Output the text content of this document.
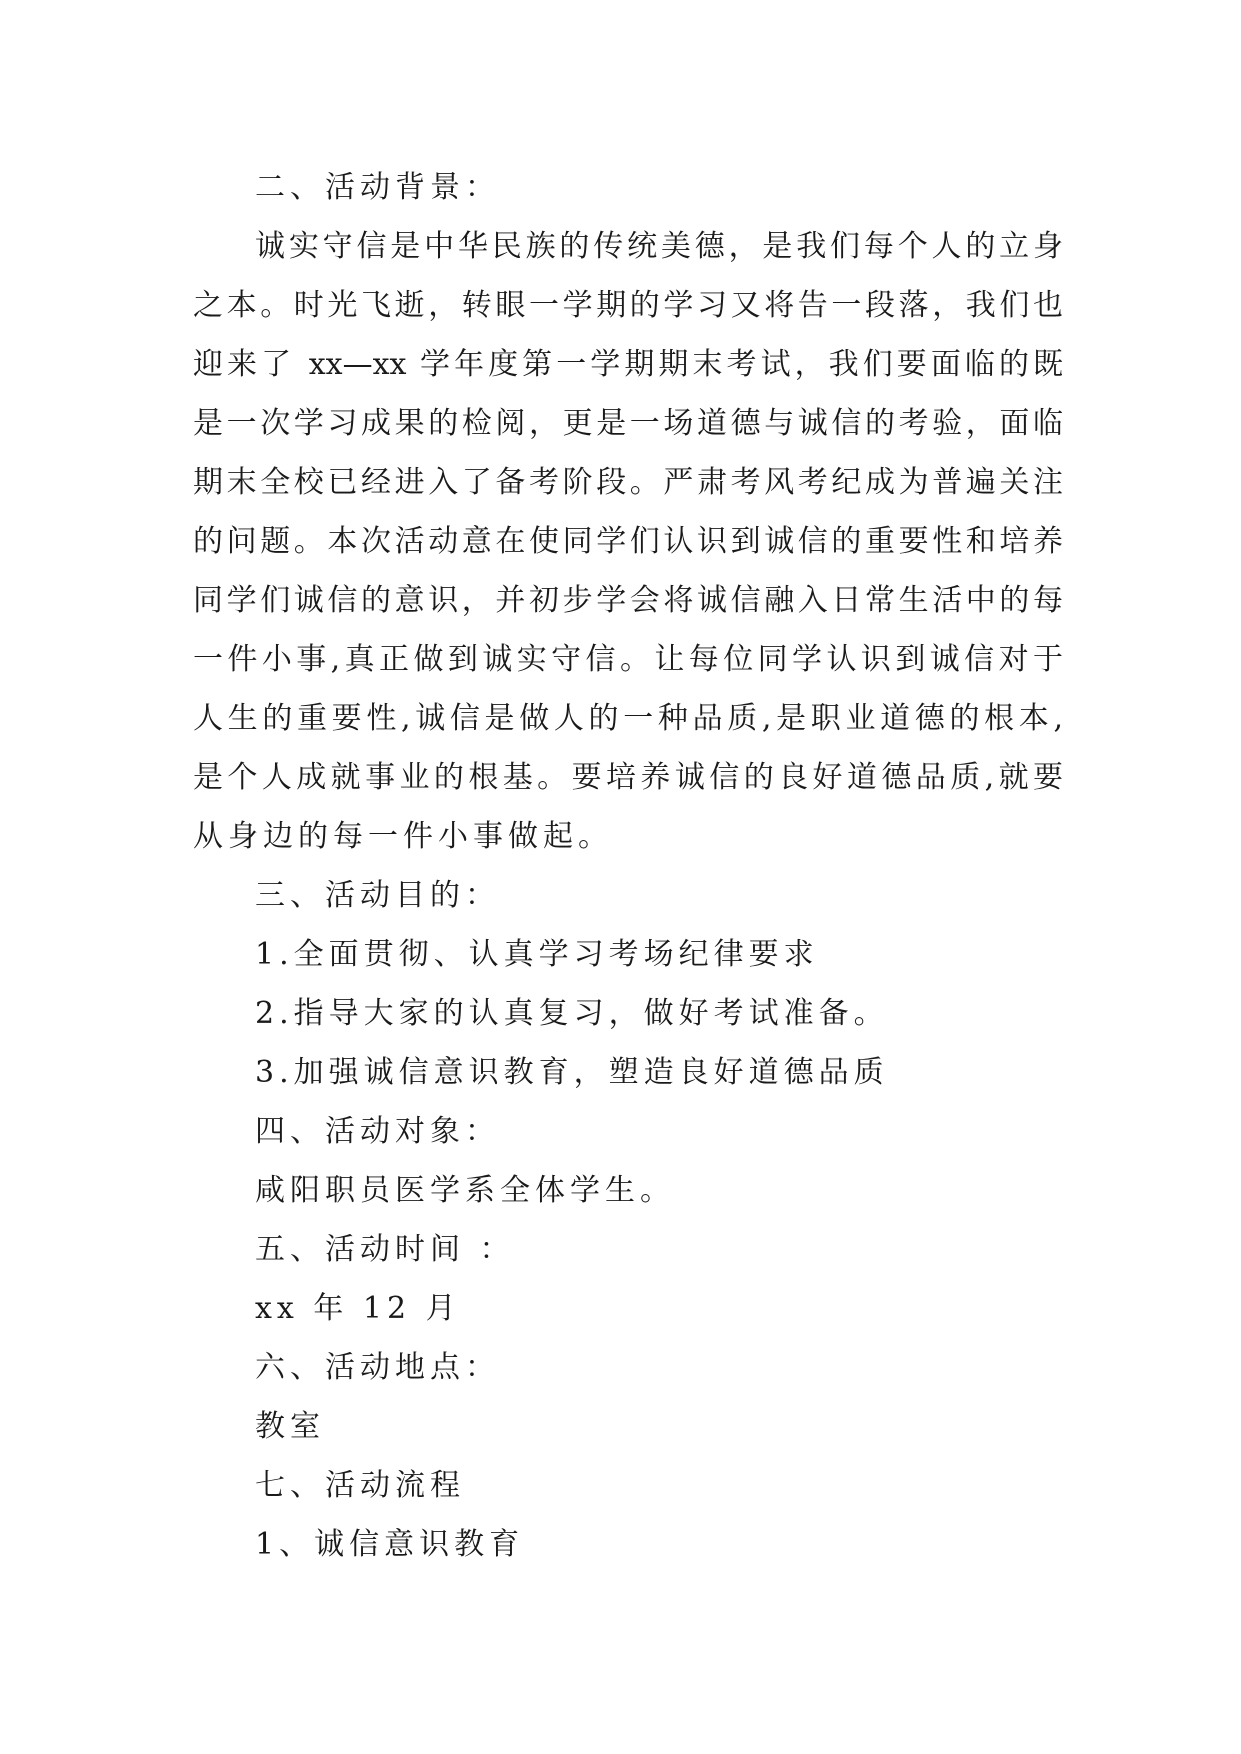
二、活动背景：
诚实守信是中华民族的传统美德，是我们每个人的立身
之本。时光飞逝，转眼一学期的学习又将告一段落，我们也
迎来了 xx—xx 学年度第一学期期末考试，我们要面临的既
是一次学习成果的检阅，更是一场道德与诚信的考验，面临
期末全校已经进入了备考阶段。严肃考风考纪成为普遍关注
的问题。本次活动意在使同学们认识到诚信的重要性和培养
同学们诚信的意识，并初步学会将诚信融入日常生活中的每
一件小事,真正做到诚实守信。让每位同学认识到诚信对于
人生的重要性,诚信是做人的一种品质,是职业道德的根本,
是个人成就事业的根基。要培养诚信的良好道德品质,就要
从身边的每一件小事做起。
三、活动目的：
1.全面贯彻、认真学习考场纪律要求
2.指导大家的认真复习，做好考试准备。
3.加强诚信意识教育，塑造良好道德品质
四、活动对象：
咸阳职员医学系全体学生。
五、活动时间 ：
xx 年 12 月
六、活动地点：
教室
七、活动流程
1、诚信意识教育
